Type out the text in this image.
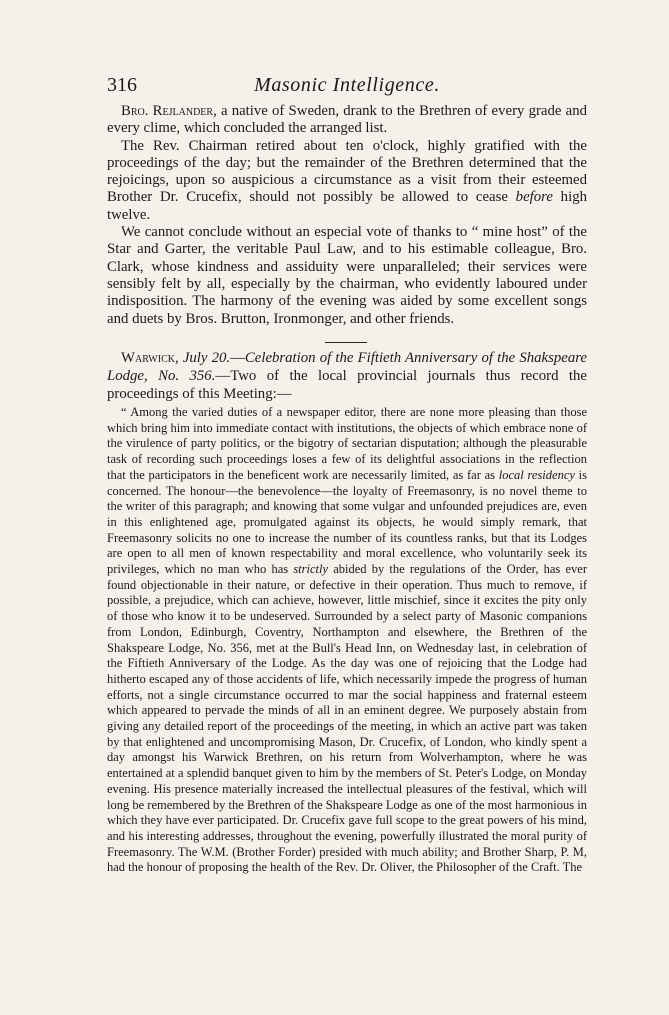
316	Masonic Intelligence.

Bro. Rejlander, a native of Sweden, drank to the Brethren of every grade and every clime, which concluded the arranged list.

The Rev. Chairman retired about ten o'clock, highly gratified with the proceedings of the day; but the remainder of the Brethren determined that the rejoicings, upon so auspicious a circumstance as a visit from their esteemed Brother Dr. Crucefix, should not possibly be allowed to cease before high twelve.

We cannot conclude without an especial vote of thanks to “ mine host” of the Star and Garter, the veritable Paul Law, and to his estimable colleague, Bro. Clark, whose kindness and assiduity were unparalleled; their services were sensibly felt by all, especially by the chairman, who evidently laboured under indisposition. The harmony of the evening was aided by some excellent songs and duets by Bros. Brutton, Ironmonger, and other friends.

Warwick, July 20.—Celebration of the Fiftieth Anniversary of the Shakspeare Lodge, No. 356.—Two of the local provincial journals thus record the proceedings of this Meeting:—

“ Among the varied duties of a newspaper editor, there are none more pleasing than those which bring him into immediate contact with institutions, the objects of which embrace none of the virulence of party politics, or the bigotry of sectarian disputation; although the pleasurable task of recording such proceedings loses a few of its delightful associations in the reflection that the participators in the beneficent work are necessarily limited, as far as local residency is concerned. The honour—the benevolence—the loyalty of Freemasonry, is no novel theme to the writer of this paragraph; and knowing that some vulgar and unfounded prejudices are, even in this enlightened age, promulgated against its objects, he would simply remark, that Freemasonry solicits no one to increase the number of its countless ranks, but that its Lodges are open to all men of known respectability and moral excellence, who voluntarily seek its privileges, which no man who has strictly abided by the regulations of the Order, has ever found objectionable in their nature, or defective in their operation. Thus much to remove, if possible, a prejudice, which can achieve, however, little mischief, since it excites the pity only of those who know it to be undeserved. Surrounded by a select party of Masonic companions from London, Edinburgh, Coventry, Northampton and elsewhere, the Brethren of the Shakspeare Lodge, No. 356, met at the Bull's Head Inn, on Wednesday last, in celebration of the Fiftieth Anniversary of the Lodge. As the day was one of rejoicing that the Lodge had hitherto escaped any of those accidents of life, which necessarily impede the progress of human efforts, not a single circumstance occurred to mar the social happiness and fraternal esteem which appeared to pervade the minds of all in an eminent degree. We purposely abstain from giving any detailed report of the proceedings of the meeting, in which an active part was taken by that enlightened and uncompromising Mason, Dr. Crucefix, of London, who kindly spent a day amongst his Warwick Brethren, on his return from Wolverhampton, where he was entertained at a splendid banquet given to him by the members of St. Peter's Lodge, on Monday evening. His presence materially increased the intellectual pleasures of the festival, which will long be remembered by the Brethren of the Shakspeare Lodge as one of the most harmonious in which they have ever participated. Dr. Crucefix gave full scope to the great powers of his mind, and his interesting addresses, throughout the evening, powerfully illustrated the moral purity of Freemasonry. The W.M. (Brother Forder) presided with much ability; and Brother Sharp, P. M, had the honour of proposing the health of the Rev. Dr. Oliver, the Philosopher of the Craft. The
